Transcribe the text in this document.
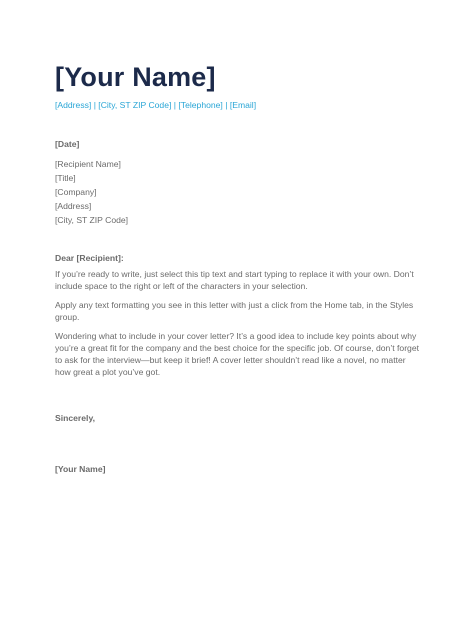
[Your Name]
[Address] | [City, ST ZIP Code] | [Telephone] | [Email]
[Date]
[Recipient Name]
[Title]
[Company]
[Address]
[City, ST ZIP Code]
Dear [Recipient]:

If you’re ready to write, just select this tip text and start typing to replace it with your own. Don’t include space to the right or left of the characters in your selection.

Apply any text formatting you see in this letter with just a click from the Home tab, in the Styles group.

Wondering what to include in your cover letter? It’s a good idea to include key points about why you’re a great fit for the company and the best choice for the specific job. Of course, don’t forget to ask for the interview—but keep it brief! A cover letter shouldn’t read like a novel, no matter how great a plot you’ve got.

Sincerely,
[Your Name]
